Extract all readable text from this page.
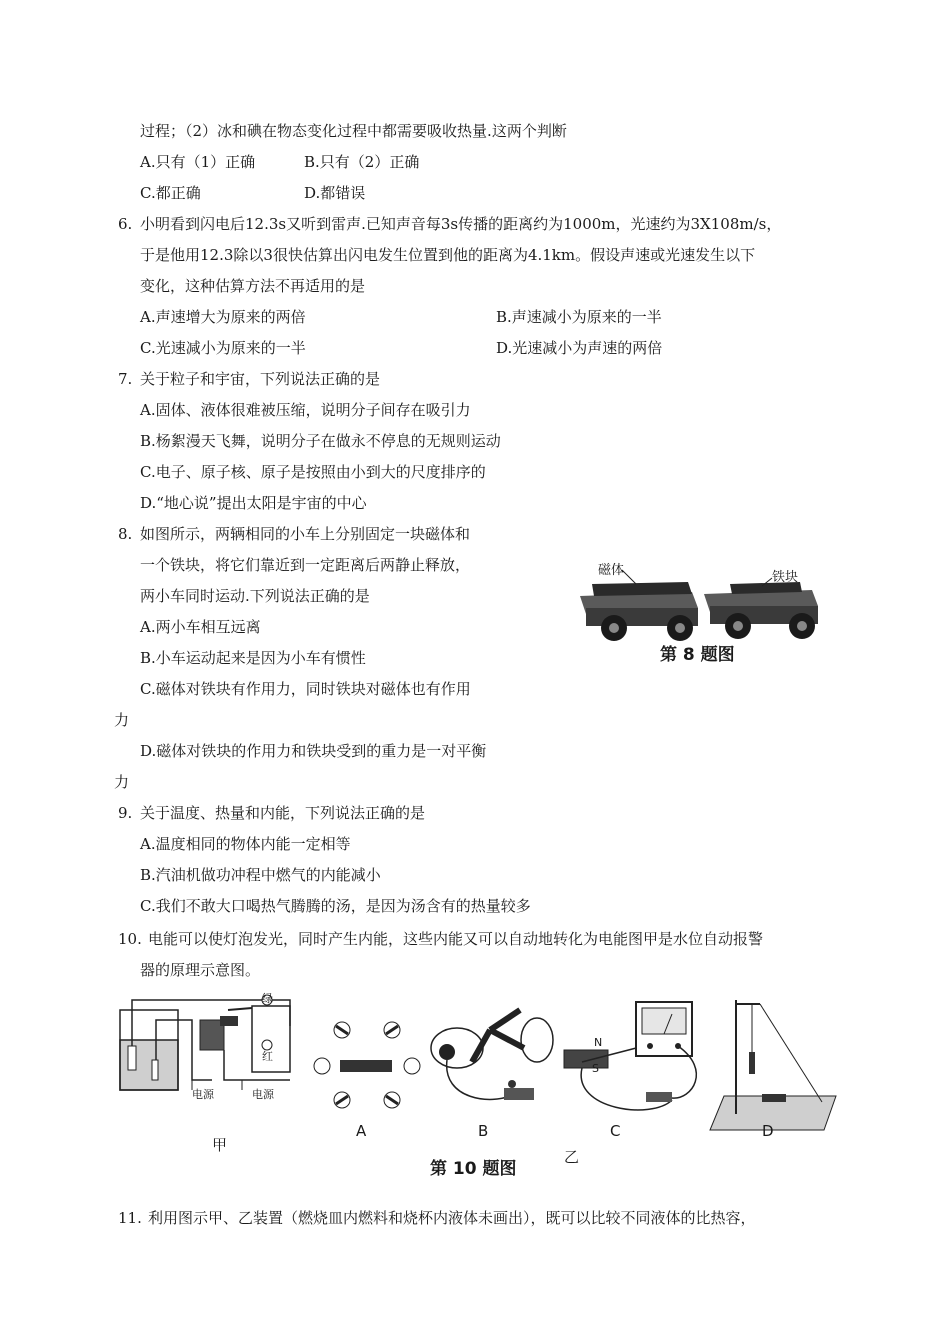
过程；（2）冰和碘在物态变化过程中都需要吸收热量.这两个判断
A.只有（1）正确	B.只有（2）正确
C.都正确	D.都错误
6. 小明看到闪电后12.3s又听到雷声.已知声音每3s传播的距离约为1000m，光速约为3X108m/s，
于是他用12.3除以3很快估算出闪电发生位置到他的距离为4.1km。假设声速或光速发生以下
变化，这种估算方法不再适用的是
A.声速增大为原来的两倍	B.声速减小为原来的一半
C.光速减小为原来的一半	D.光速减小为声速的两倍
7. 关于粒子和宇宙，下列说法正确的是
A.固体、液体很难被压缩，说明分子间存在吸引力
B.杨絮漫天飞舞，说明分子在做永不停息的无规则运动
C.电子、原子核、原子是按照由小到大的尺度排序的
D.“地心说”提出太阳是宇宙的中心
8. 如图所示，两辆相同的小车上分别固定一块磁体和
一个铁块，将它们靠近到一定距离后两静止释放，
两小车同时运动.下列说法正确的是
A.两小车相互远离
B.小车运动起来是因为小车有惯性
C.磁体对铁块有作用力，同时铁块对磁体也有作用
力
D.磁体对铁块的作用力和铁块受到的重力是一对平衡
力
磁体	铁块
第 8 题图
9. 关于温度、热量和内能，下列说法正确的是
A.温度相同的物体内能一定相等
B.汽油机做功冲程中燃气的内能减小
C.我们不敢大口喝热气腾腾的汤，是因为汤含有的热量较多
10. 电能可以使灯泡发光，同时产生内能，这些内能又可以自动地转化为电能图甲是水位自动报警
器的原理示意图。
绿
红
电源	电源
N
S
甲
A	B	C	D
乙
第 10 题图
11. 利用图示甲、乙装置（燃烧皿内燃料和烧杯内液体未画出），既可以比较不同液体的比热容，
